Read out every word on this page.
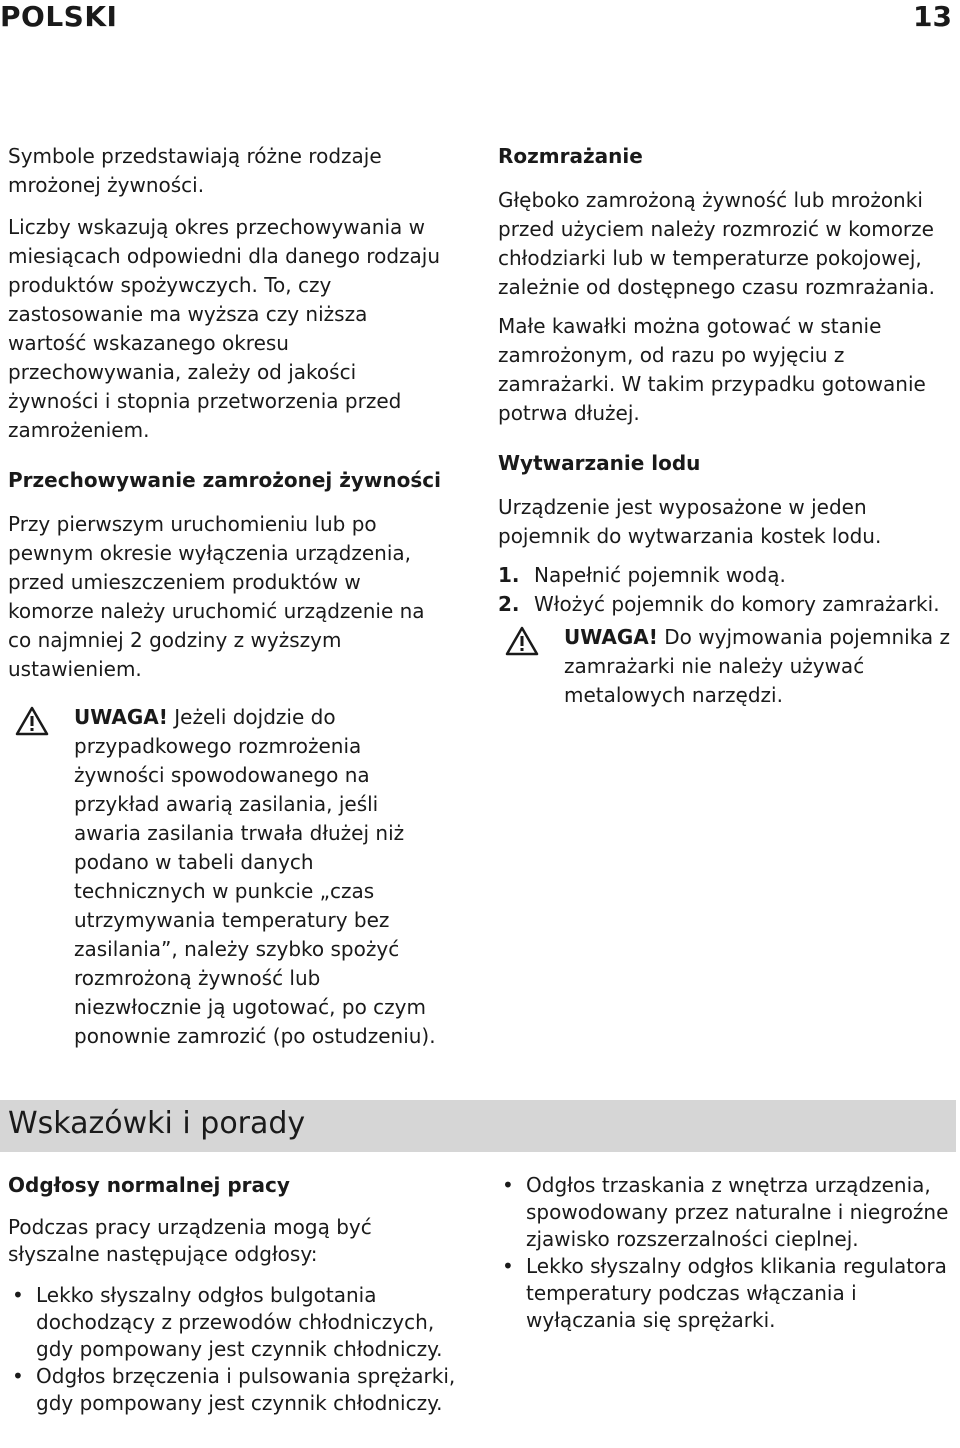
POLSKI	13

Symbole przedstawiają różne rodzaje mrożonej żywności.

Liczby wskazują okres przechowywania w miesiącach odpowiedni dla danego rodzaju produktów spożywczych. To, czy zastosowanie ma wyższa czy niższa wartość wskazanego okresu przechowywania, zależy od jakości żywności i stopnia przetworzenia przed zamrożeniem.

Przechowywanie zamrożonej żywności

Przy pierwszym uruchomieniu lub po pewnym okresie wyłączenia urządzenia, przed umieszczeniem produktów w komorze należy uruchomić urządzenie na co najmniej 2 godziny z wyższym ustawieniem.

UWAGA! Jeżeli dojdzie do przypadkowego rozmrożenia żywności spowodowanego na przykład awarią zasilania, jeśli awaria zasilania trwała dłużej niż podano w tabeli danych technicznych w punkcie „czas utrzymywania temperatury bez zasilania”, należy szybko spożyć rozmrożoną żywność lub niezwłocznie ją ugotować, po czym ponownie zamrozić (po ostudzeniu).

Rozmrażanie

Głęboko zamrożoną żywność lub mrożonki przed użyciem należy rozmrozić w komorze chłodziarki lub w temperaturze pokojowej, zależnie od dostępnego czasu rozmrażania.

Małe kawałki można gotować w stanie zamrożonym, od razu po wyjęciu z zamrażarki. W takim przypadku gotowanie potrwa dłużej.

Wytwarzanie lodu

Urządzenie jest wyposażone w jeden pojemnik do wytwarzania kostek lodu.

1. Napełnić pojemnik wodą.
2. Włożyć pojemnik do komory zamrażarki.
UWAGA! Do wyjmowania pojemnika z zamrażarki nie należy używać metalowych narzędzi.
Wskazówki i porady

Odgłosy normalnej pracy

Podczas pracy urządzenia mogą być słyszalne następujące odgłosy:

• Lekko słyszalny odgłos bulgotania dochodzący z przewodów chłodniczych, gdy pompowany jest czynnik chłodniczy.
• Odgłos brzęczenia i pulsowania sprężarki, gdy pompowany jest czynnik chłodniczy.
• Odgłos trzaskania z wnętrza urządzenia, spowodowany przez naturalne i niegroźne zjawisko rozszerzalności cieplnej.
• Lekko słyszalny odgłos klikania regulatora temperatury podczas włączania i wyłączania się sprężarki.
